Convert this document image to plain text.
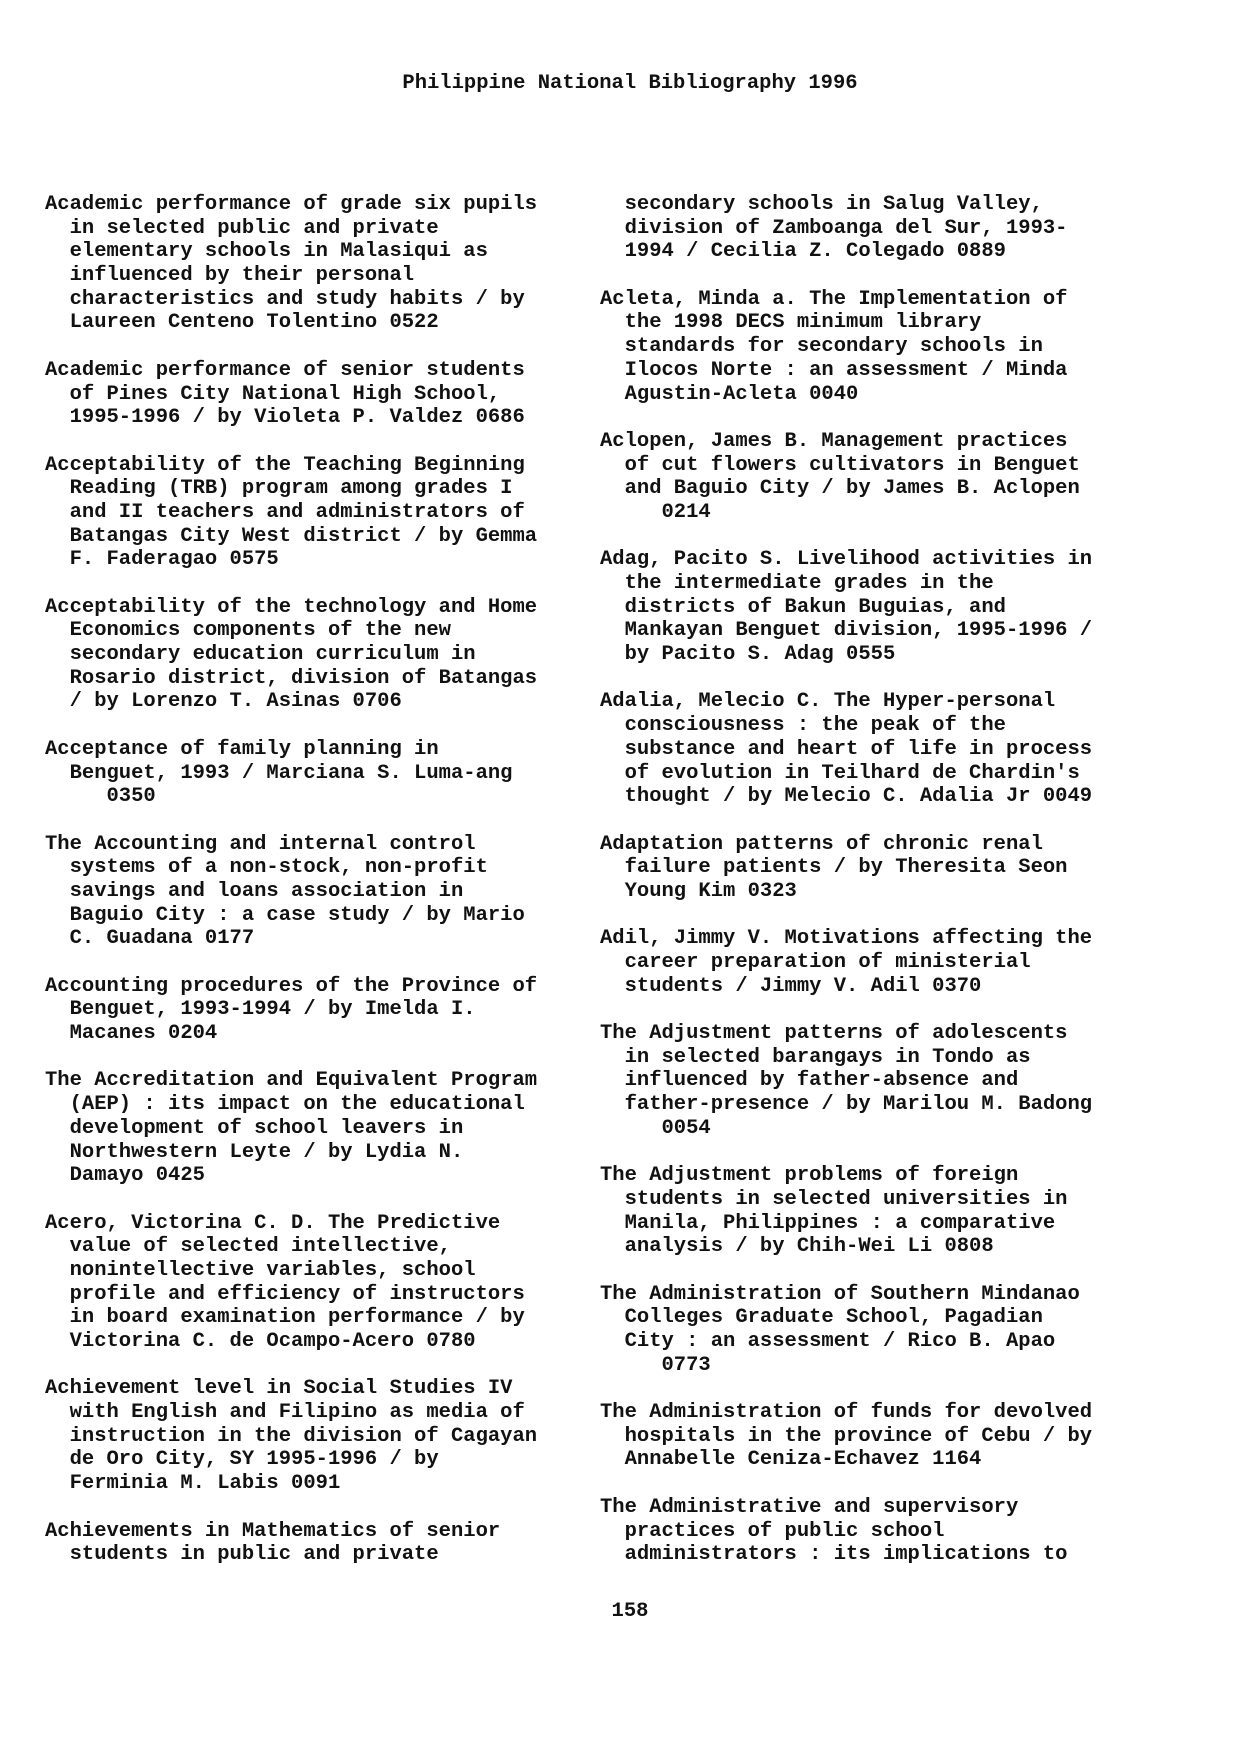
Philippine National Bibliography 1996
Academic performance of grade six pupils
in selected public and private
elementary schools in Malasiqui as
influenced by their personal
characteristics and study habits / by
Laureen Centeno Tolentino 0522
Academic performance of senior students
of Pines City National High School,
1995-1996 / by Violeta P. Valdez 0686
Acceptability of the Teaching Beginning
Reading (TRB) program among grades I
and II teachers and administrators of
Batangas City West district / by Gemma
F. Faderagao 0575
Acceptability of the technology and Home
Economics components of the new
secondary education curriculum in
Rosario district, division of Batangas
/ by Lorenzo T. Asinas 0706
Acceptance of family planning in
Benguet, 1993 / Marciana S. Luma-ang
0350
The Accounting and internal control
systems of a non-stock, non-profit
savings and loans association in
Baguio City : a case study / by Mario
C. Guadana 0177
Accounting procedures of the Province of
Benguet, 1993-1994 / by Imelda I.
Macanes 0204
The Accreditation and Equivalent Program
(AEP) : its impact on the educational
development of school leavers in
Northwestern Leyte / by Lydia N.
Damayo 0425
Acero, Victorina C. D. The Predictive
value of selected intellective,
nonintellective variables, school
profile and efficiency of instructors
in board examination performance / by
Victorina C. de Ocampo-Acero 0780
Achievement level in Social Studies IV
with English and Filipino as media of
instruction in the division of Cagayan
de Oro City, SY 1995-1996 / by
Ferminia M. Labis 0091
Achievements in Mathematics of senior
students in public and private
secondary schools in Salug Valley,
division of Zamboanga del Sur, 1993-
1994 / Cecilia Z. Colegado 0889
Acleta, Minda a. The Implementation of
the 1998 DECS minimum library
standards for secondary schools in
Ilocos Norte : an assessment / Minda
Agustin-Acleta 0040
Aclopen, James B. Management practices
of cut flowers cultivators in Benguet
and Baguio City / by James B. Aclopen
0214
Adag, Pacito S. Livelihood activities in
the intermediate grades in the
districts of Bakun Buguias, and
Mankayan Benguet division, 1995-1996 /
by Pacito S. Adag 0555
Adalia, Melecio C. The Hyper-personal
consciousness : the peak of the
substance and heart of life in process
of evolution in Teilhard de Chardin's
thought / by Melecio C. Adalia Jr 0049
Adaptation patterns of chronic renal
failure patients / by Theresita Seon
Young Kim 0323
Adil, Jimmy V. Motivations affecting the
career preparation of ministerial
students / Jimmy V. Adil 0370
The Adjustment patterns of adolescents
in selected barangays in Tondo as
influenced by father-absence and
father-presence / by Marilou M. Badong
0054
The Adjustment problems of foreign
students in selected universities in
Manila, Philippines : a comparative
analysis / by Chih-Wei Li 0808
The Administration of Southern Mindanao
Colleges Graduate School, Pagadian
City : an assessment / Rico B. Apao
0773
The Administration of funds for devolved
hospitals in the province of Cebu / by
Annabelle Ceniza-Echavez 1164
The Administrative and supervisory
practices of public school
administrators : its implications to
158
